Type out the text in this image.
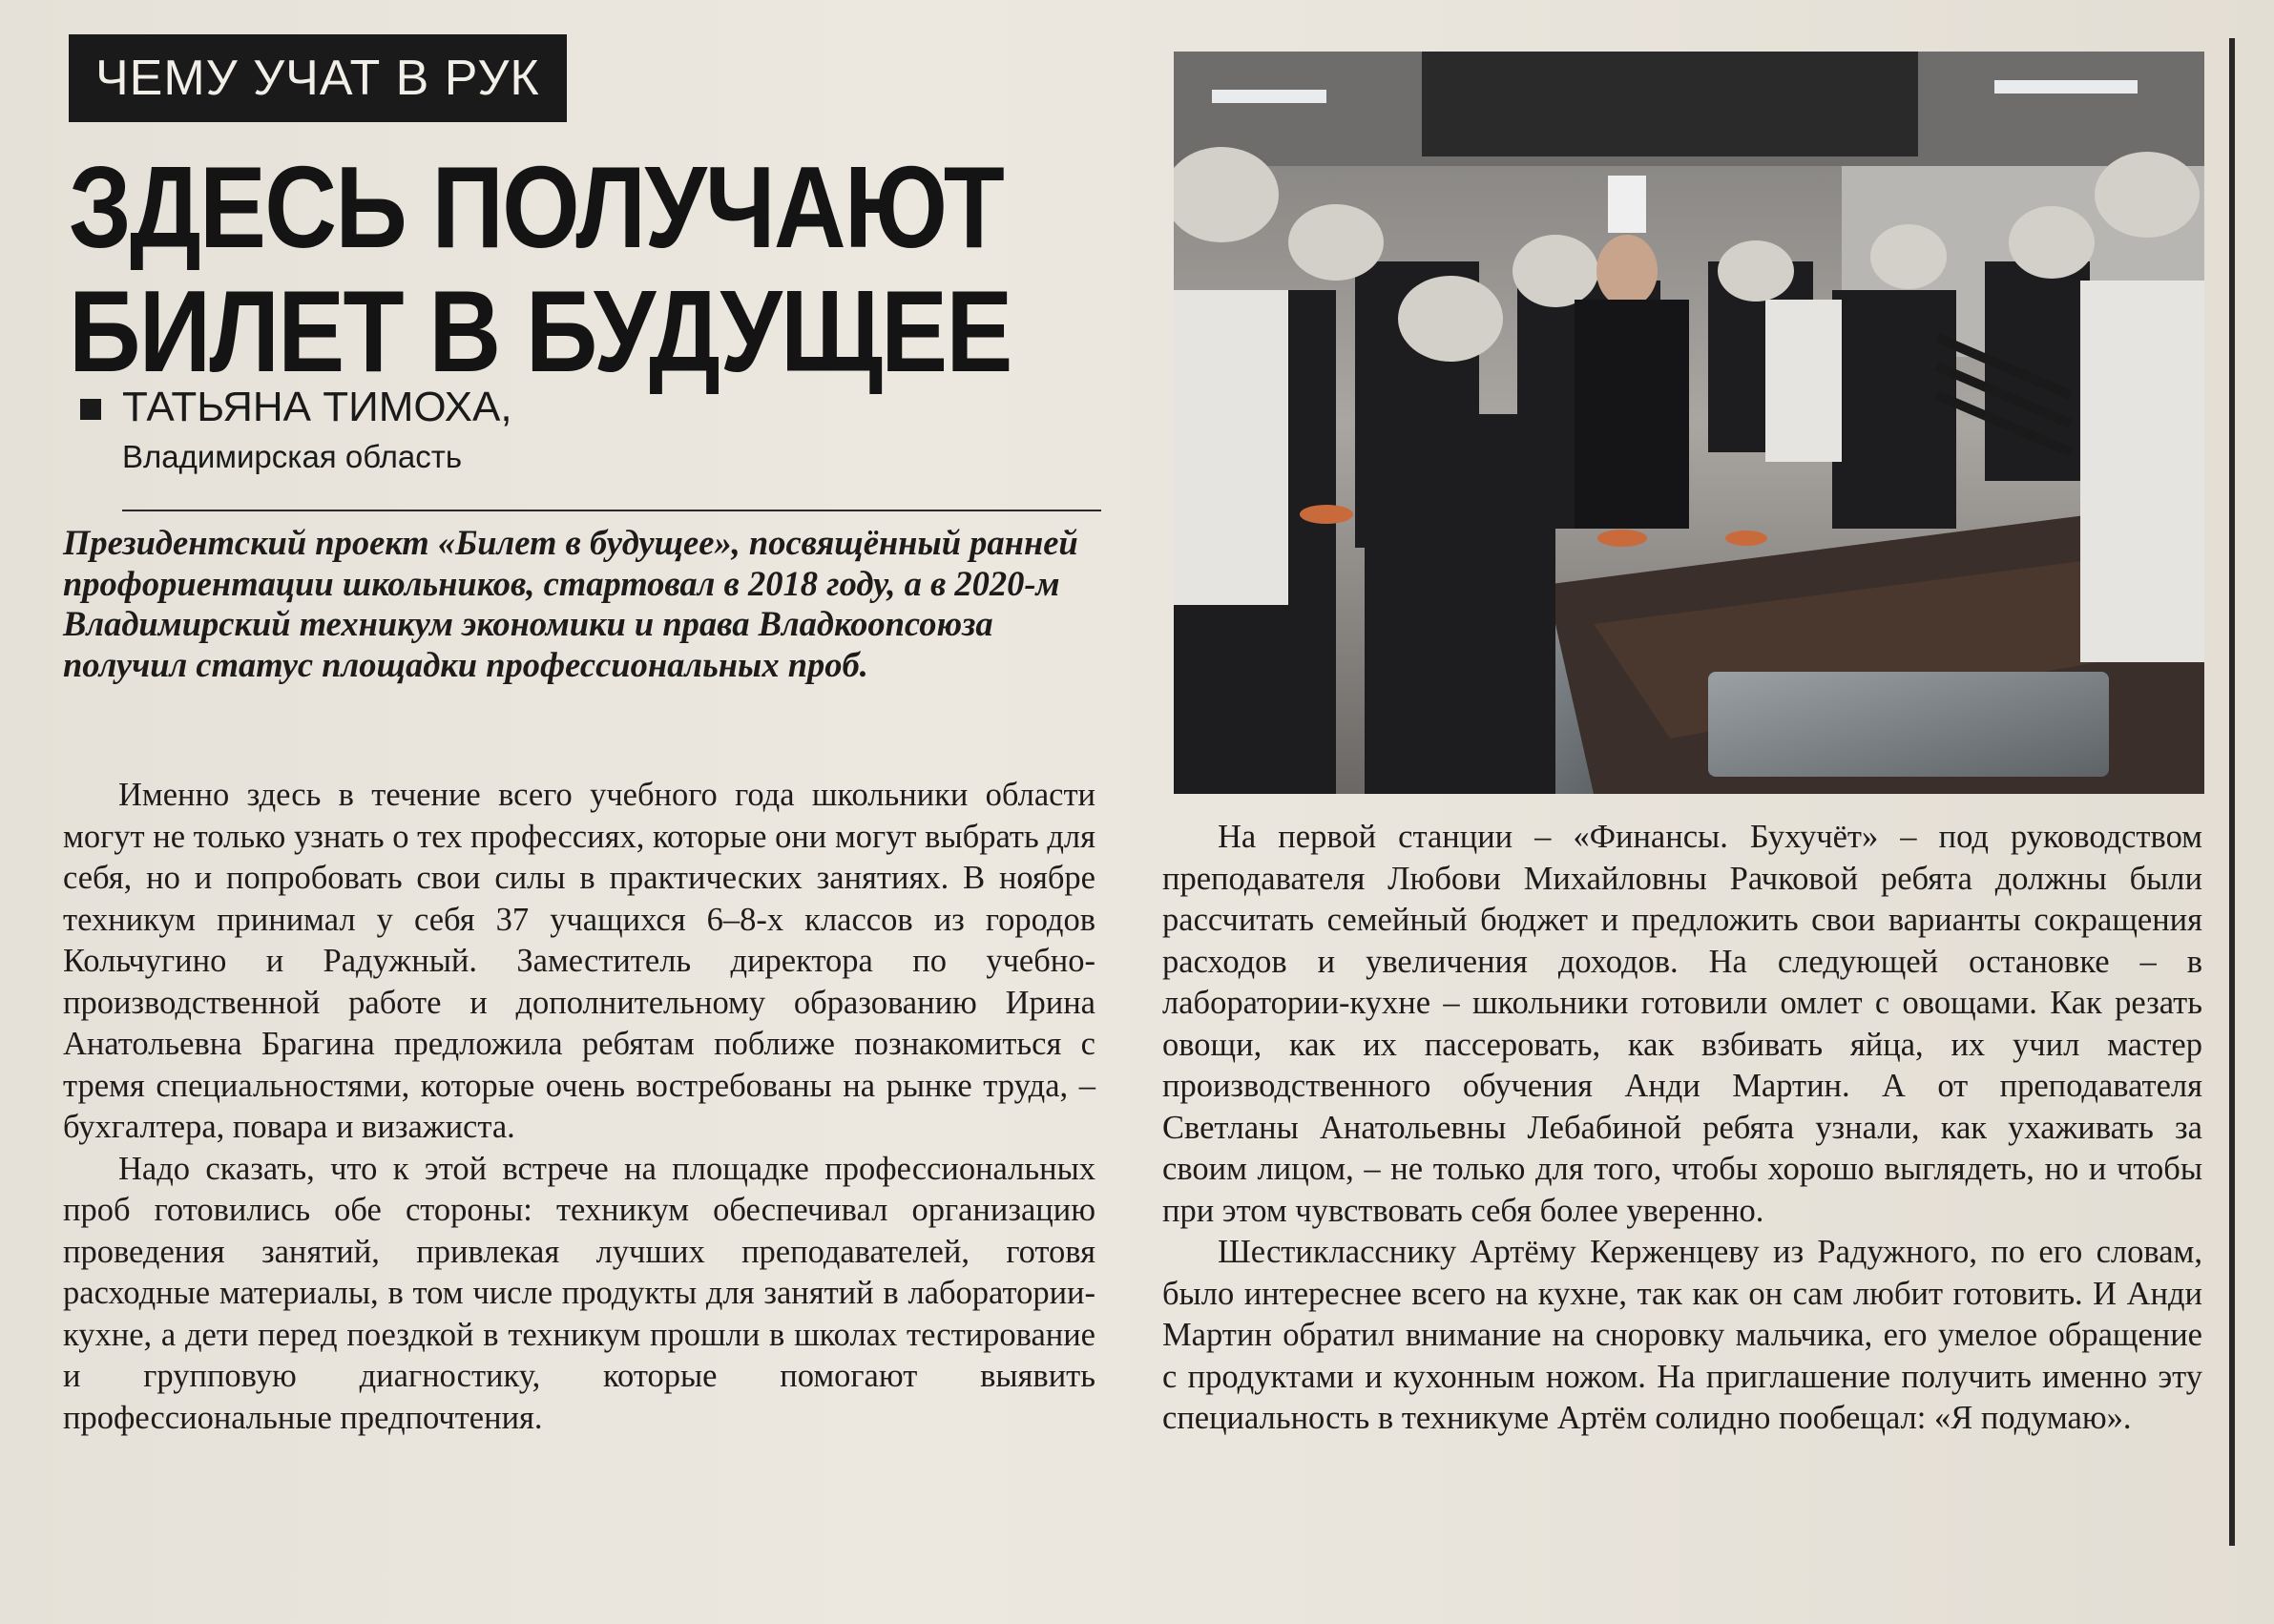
ЧЕМУ УЧАТ В РУК
ЗДЕСЬ ПОЛУЧАЮТ
БИЛЕТ В БУДУЩЕЕ
ТАТЬЯНА ТИМОХА,
Владимирская область
Президентский проект «Билет в будущее», посвящённый ранней профориентации школьников, стартовал в 2018 году, а в 2020-м Владимирский техникум экономики и права Владкоопсоюза получил статус площадки профессиональных проб.

Именно здесь в течение всего учебного года школьники области могут не только узнать о тех профессиях, которые они могут выбрать для себя, но и попробовать свои силы в практических занятиях. В ноябре техникум принимал у себя 37 учащихся 6–8-х классов из городов Кольчугино и Радужный. Заместитель директора по учебно-производственной работе и дополнительному образованию Ирина Анатольевна Брагина предложила ребятам поближе познакомиться с тремя специальностями, которые очень востребованы на рынке труда, – бухгалтера, повара и визажиста.

Надо сказать, что к этой встрече на площадке профессиональных проб готовились обе стороны: техникум обеспечивал организацию проведения занятий, привлекая лучших преподавателей, готовя расходные материалы, в том числе продукты для занятий в лаборатории-кухне, а дети перед поездкой в техникум прошли в школах тестирование и групповую диагностику, которые помогают выявить профессиональные предпочтения.

На первой станции – «Финансы. Бухучёт» – под руководством преподавателя Любови Михайловны Рачковой ребята должны были рассчитать семейный бюджет и предложить свои варианты сокращения расходов и увеличения доходов. На следующей остановке – в лаборатории-кухне – школьники готовили омлет с овощами. Как резать овощи, как их пассеровать, как взбивать яйца, их учил мастер производственного обучения Анди Мартин. А от преподавателя Светланы Анатольевны Лебабиной ребята узнали, как ухаживать за своим лицом, – не только для того, чтобы хорошо выглядеть, но и чтобы при этом чувствовать себя более уверенно.

Шестикласснику Артёму Керженцеву из Радужного, по его словам, было интереснее всего на кухне, так как он сам любит готовить. И Анди Мартин обратил внимание на сноровку мальчика, его умелое обращение с продуктами и кухонным ножом. На приглашение получить именно эту специальность в техникуме Артём солидно пообещал: «Я подумаю».
